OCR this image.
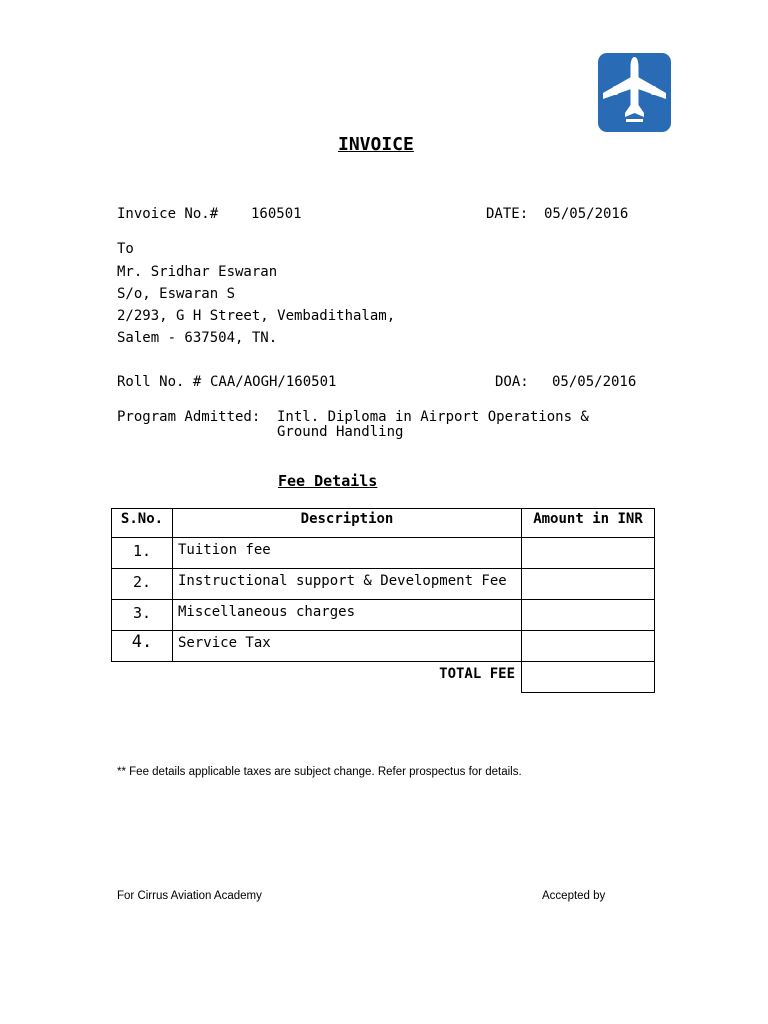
INVOICE
Invoice No.# 160501	DATE: 05/05/2016
To
Mr. Sridhar Eswaran
S/o, Eswaran S
2/293, G H Street, Vembadithalam,
Salem - 637504, TN.
Roll No. # CAA/AOGH/160501	DOA: 05/05/2016
Program Admitted: Intl. Diploma in Airport Operations &
Ground Handling
Fee Details
S.No.	Description	Amount in INR
1.	Tuition fee	
2.	Instructional support & Development Fee	
3.	Miscellaneous charges	
4.	Service Tax	
TOTAL FEE		
** Fee details applicable taxes are subject change. Refer prospectus for details.
For Cirrus Aviation Academy	Accepted by
